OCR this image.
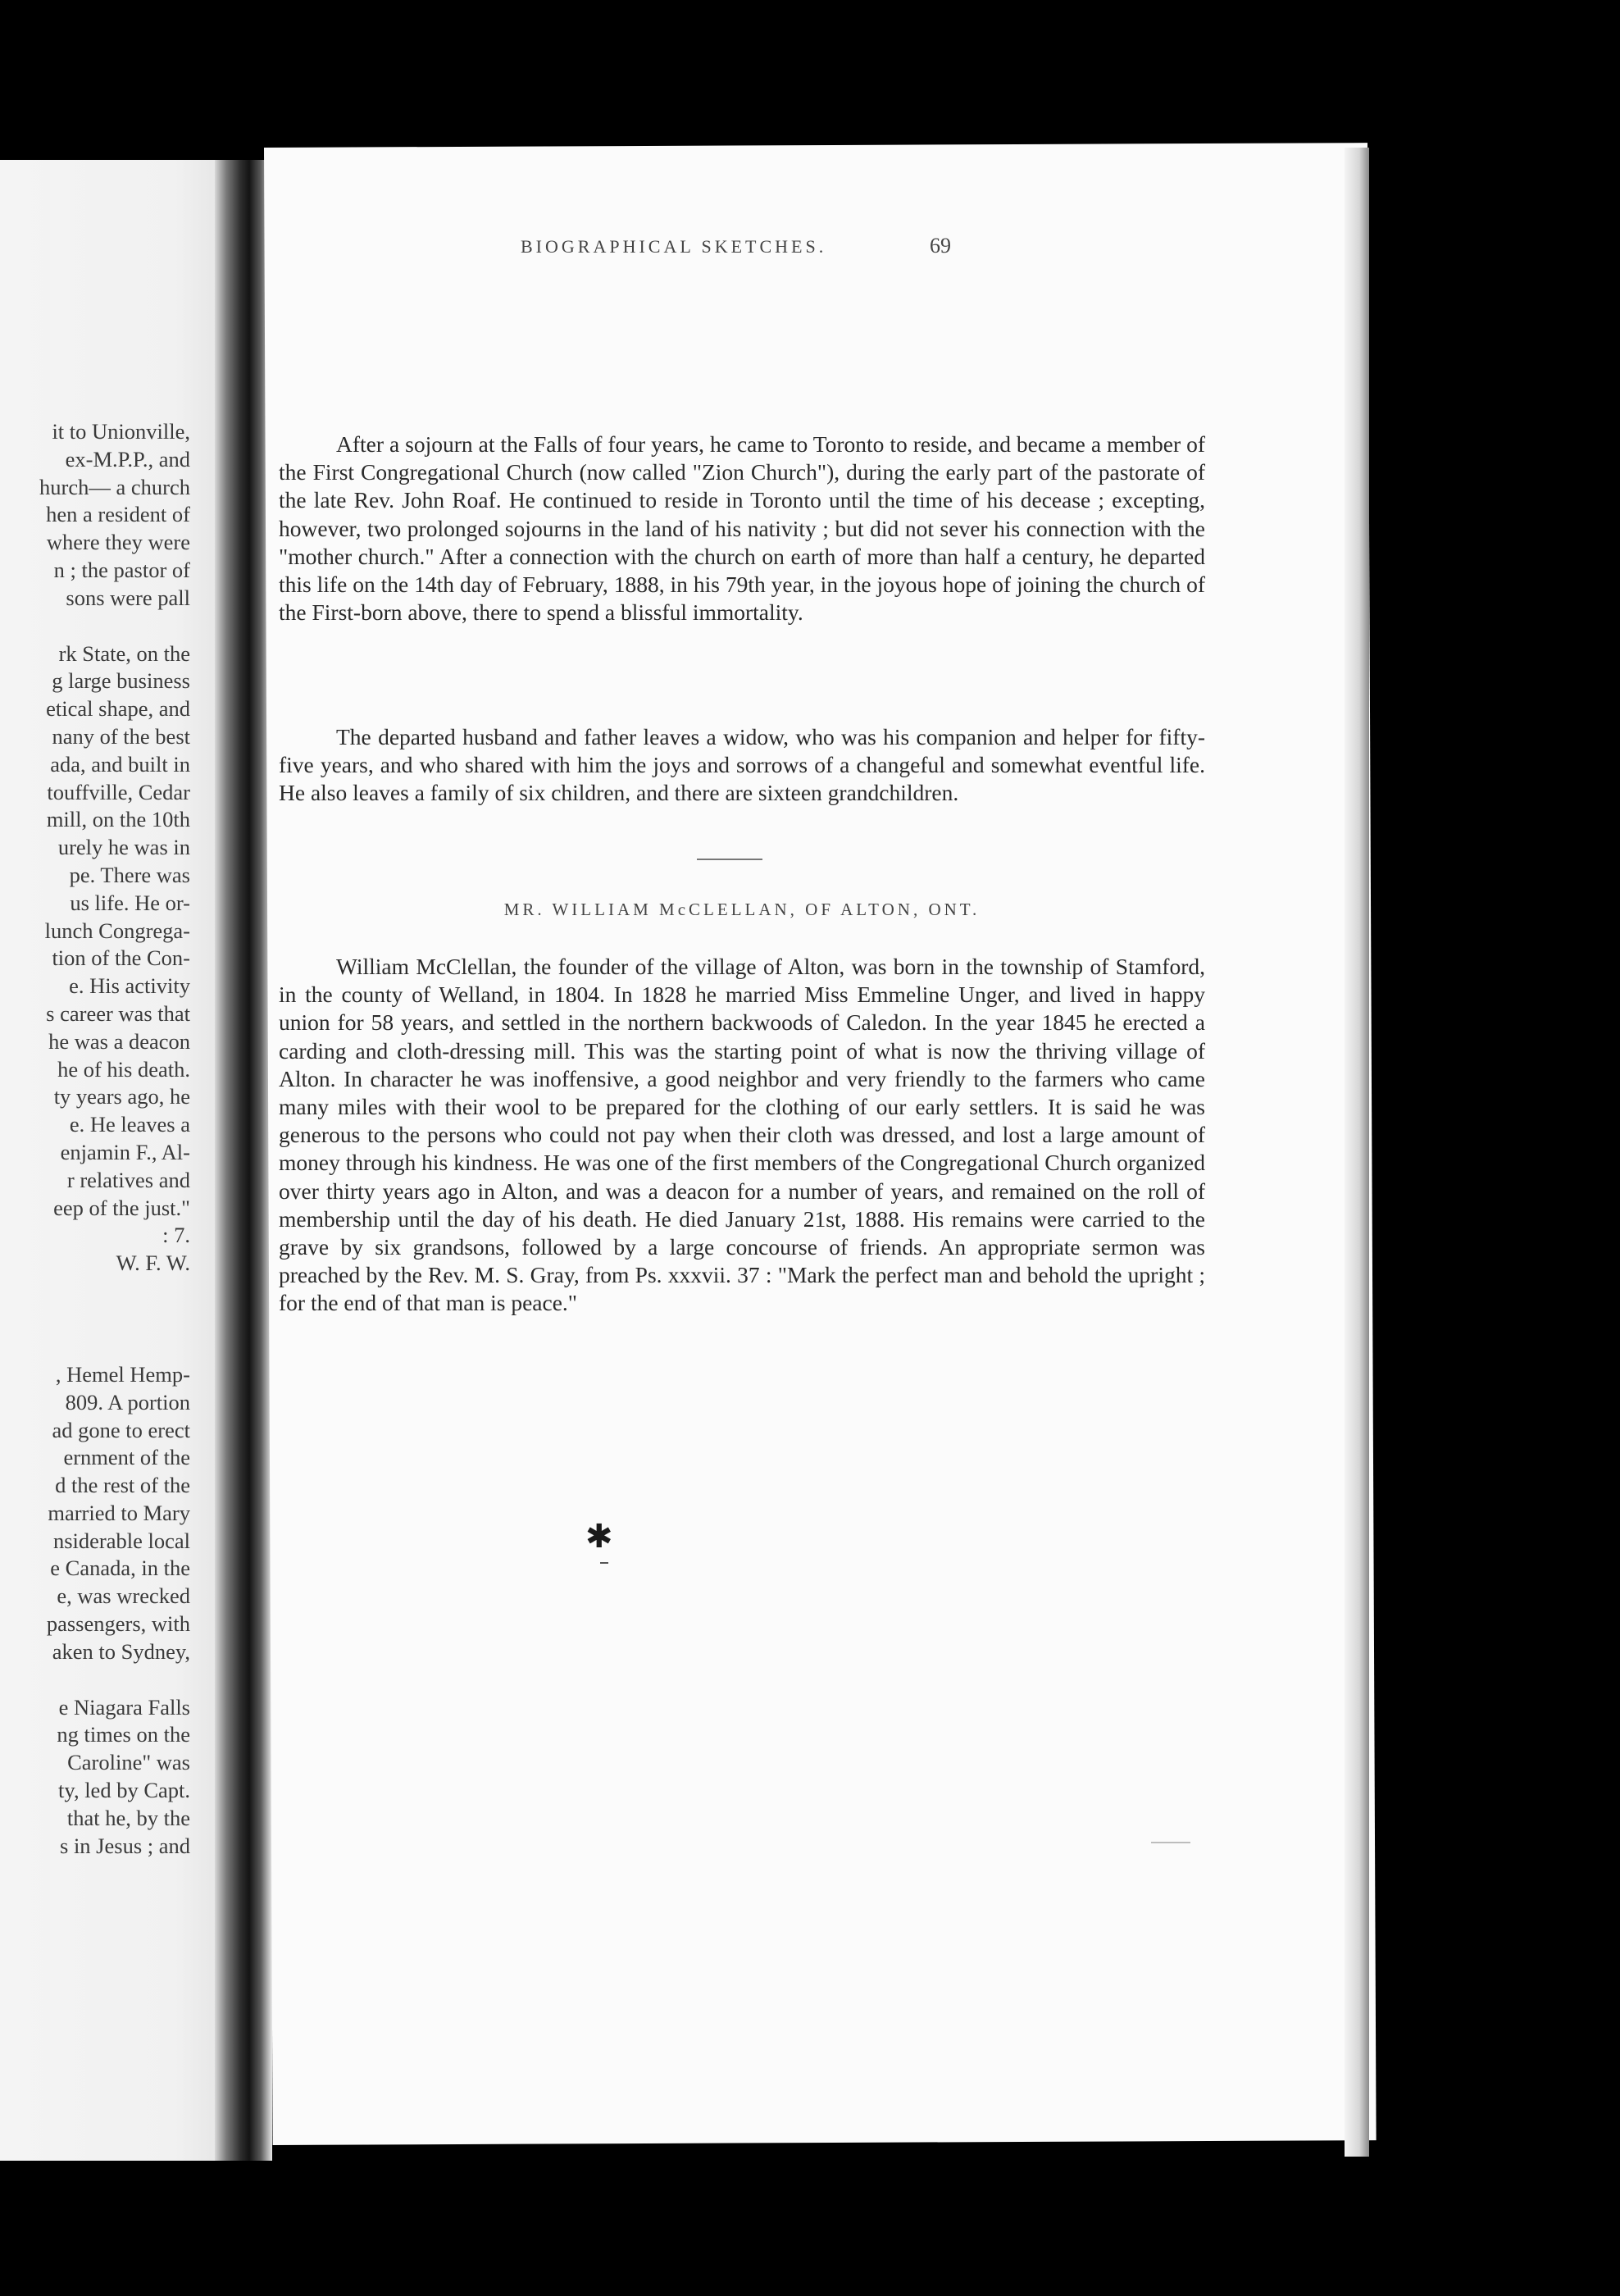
it to Unionville,
ex-M.P.P., and
hurch— a church
hen a resident of
where they were
n ; the pastor of
sons were pall
rk State, on the
g large business
etical shape, and
nany of the best
ada, and built in
touffville, Cedar
mill, on the 10th
urely he was in
pe. There was
us life. He or-
lunch Congrega-
tion of the Con-
e. His activity
s career was that
he was a deacon
he of his death.
ty years ago, he
e. He leaves a
enjamin F., Al-
r relatives and
eep of the just."
: 7.
W. F. W.
, Hemel Hemp-
809. A portion
ad gone to erect
ernment of the
d the rest of the
married to Mary
nsiderable local
e Canada, in the
e, was wrecked
passengers, with
aken to Sydney,
e Niagara Falls
ng times on the
Caroline" was
ty, led by Capt.
that he, by the
s in Jesus ; and
BIOGRAPHICAL SKETCHES.	69

After a sojourn at the Falls of four years, he came to Toronto to reside, and became a member of the First Congregational Church (now called "Zion Church"), during the early part of the pastorate of the late Rev. John Roaf. He continued to reside in Toronto until the time of his decease ; excepting, however, two prolonged sojourns in the land of his nativity ; but did not sever his connection with the "mother church." After a connection with the church on earth of more than half a century, he departed this life on the 14th day of February, 1888, in his 79th year, in the joyous hope of joining the church of the First-born above, there to spend a blissful immortality.

The departed husband and father leaves a widow, who was his companion and helper for fifty-five years, and who shared with him the joys and sorrows of a changeful and somewhat eventful life. He also leaves a family of six children, and there are sixteen grandchildren.

MR. WILLIAM McCLELLAN, OF ALTON, ONT.

William McClellan, the founder of the village of Alton, was born in the township of Stamford, in the county of Welland, in 1804. In 1828 he married Miss Emmeline Unger, and lived in happy union for 58 years, and settled in the northern backwoods of Caledon. In the year 1845 he erected a carding and cloth-dressing mill. This was the starting point of what is now the thriving village of Alton. In character he was inoffensive, a good neighbor and very friendly to the farmers who came many miles with their wool to be prepared for the clothing of our early settlers. It is said he was generous to the persons who could not pay when their cloth was dressed, and lost a large amount of money through his kindness. He was one of the first members of the Congregational Church organized over thirty years ago in Alton, and was a deacon for a number of years, and remained on the roll of membership until the day of his death. He died January 21st, 1888. His remains were carried to the grave by six grandsons, followed by a large concourse of friends. An appropriate sermon was preached by the Rev. M. S. Gray, from Ps. xxxvii. 37 : "Mark the perfect man and behold the upright ; for the end of that man is peace."

✱
